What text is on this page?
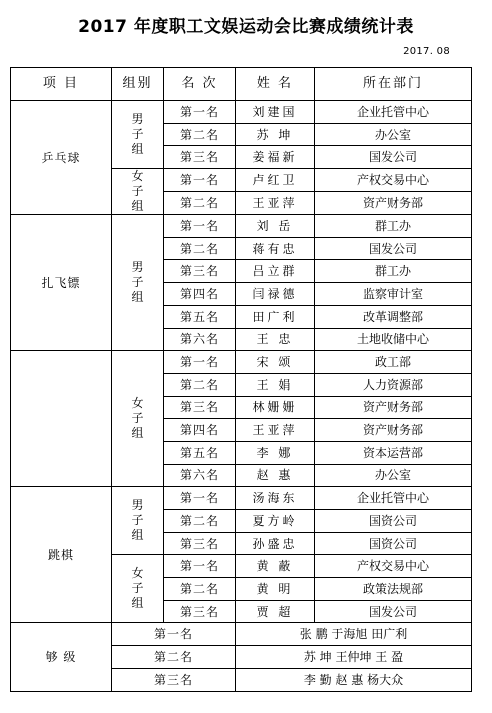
2017 年度职工文娱运动会比赛成绩统计表
2017. 08
项 目	组别	名 次	姓 名	所在部门
乒乓球	男子组	第一名	刘建国	企业托管中心
		第二名	苏 坤	办公室
		第三名	姜福新	国发公司
	女子组	第一名	卢红卫	产权交易中心
		第二名	王亚萍	资产财务部
扎飞镖	男子组	第一名	刘 岳	群工办
		第二名	蒋有忠	国发公司
		第三名	吕立群	群工办
		第四名	闫禄德	监察审计室
		第五名	田广利	改革调整部
		第六名	王 忠	土地收储中心
	女子组	第一名	宋 颂	政工部
		第二名	王 娟	人力资源部
		第三名	林姗姗	资产财务部
		第四名	王亚萍	资产财务部
		第五名	李 娜	资本运营部
		第六名	赵 惠	办公室
跳棋	男子组	第一名	汤海东	企业托管中心
		第二名	夏方岭	国资公司
		第三名	孙盛忠	国资公司
	女子组	第一名	黄 蔽	产权交易中心
		第二名	黄 明	政策法规部
		第三名	贾 超	国发公司
够 级	第一名		张 鹏 于海旭 田广利	
	第二名		苏 坤 王仲坤 王 盈	
	第三名		李 勤 赵 惠 杨大众	
